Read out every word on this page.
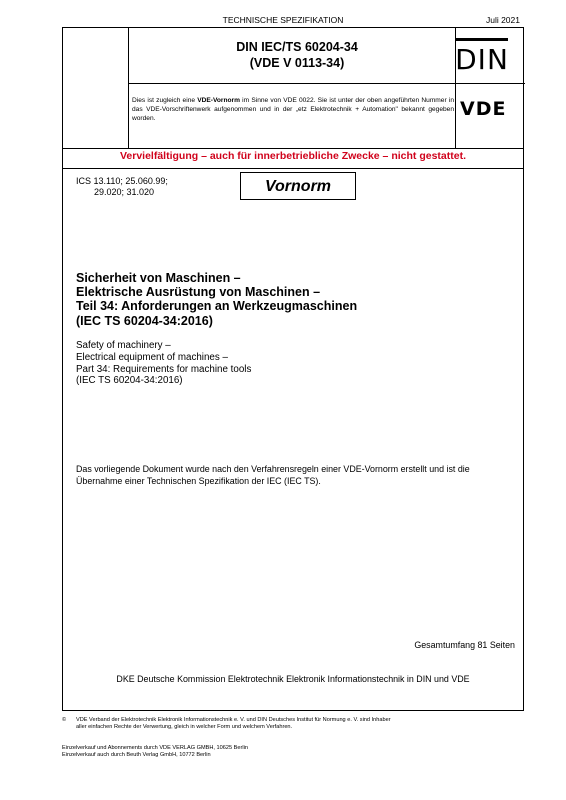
TECHNISCHE SPEZIFIKATION	Juli 2021
DIN IEC/TS 60204-34
(VDE V 0113-34)	DIN
Dies ist zugleich eine VDE-Vornorm im Sinne von VDE 0022. Sie ist unter der oben angeführten Nummer in das VDE-Vorschriftenwerk aufgenommen und in der „etz Elektrotechnik + Automation" bekannt gegeben worden.	VDE
Vervielfältigung – auch für innerbetriebliche Zwecke – nicht gestattet.
ICS 13.110; 25.060.99;
29.020; 31.020	Vornorm
Sicherheit von Maschinen –
Elektrische Ausrüstung von Maschinen –
Teil 34: Anforderungen an Werkzeugmaschinen
(IEC TS 60204-34:2016)
Safety of machinery –
Electrical equipment of machines –
Part 34: Requirements for machine tools
(IEC TS 60204-34:2016)
Das vorliegende Dokument wurde nach den Verfahrensregeln einer VDE-Vornorm erstellt und ist die Übernahme einer Technischen Spezifikation der IEC (IEC TS).
Gesamtumfang 81 Seiten
DKE Deutsche Kommission Elektrotechnik Elektronik Informationstechnik in DIN und VDE
© VDE Verband der Elektrotechnik Elektronik Informationstechnik e. V. und DIN Deutsches Institut für Normung e. V. sind Inhaber
aller einfachen Rechte der Verwertung, gleich in welcher Form und welchem Verfahren.
Einzelverkauf und Abonnements durch VDE VERLAG GMBH, 10625 Berlin
Einzelverkauf auch durch Beuth Verlag GmbH, 10772 Berlin
